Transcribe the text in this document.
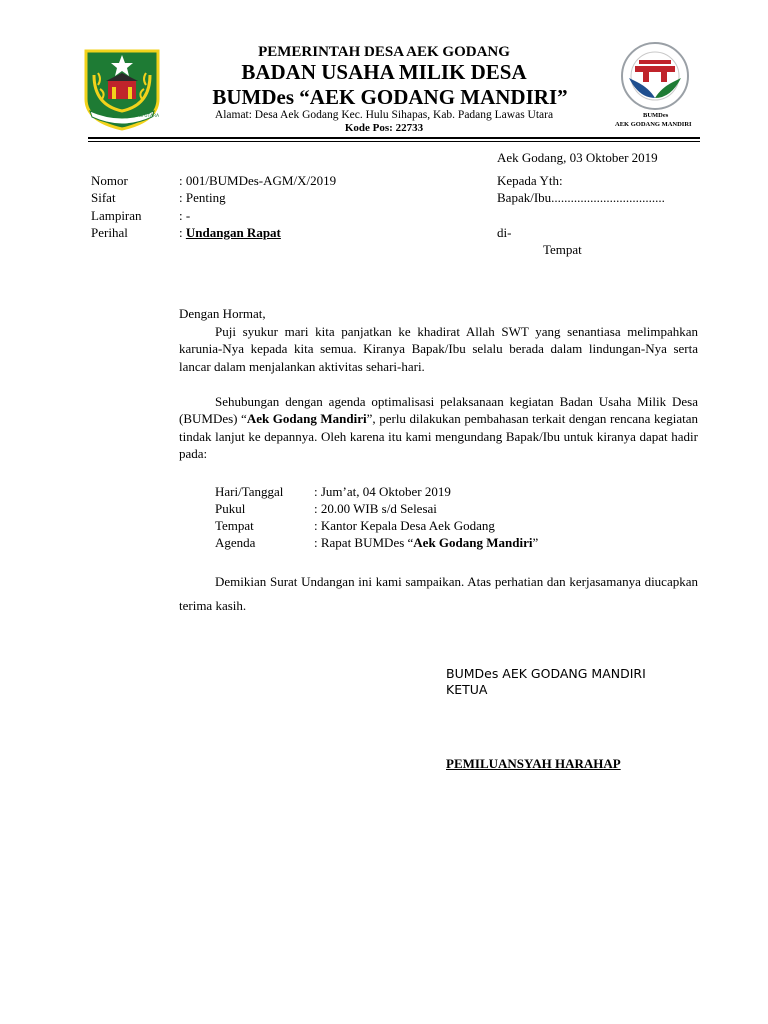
PADANG LAWAS UTARA	BUMDes
AEK GODANG MANDIRI
PEMERINTAH DESA AEK GODANG
BADAN USAHA MILIK DESA
BUMDes “AEK GODANG MANDIRI”
Alamat: Desa Aek Godang Kec. Hulu Sihapas, Kab. Padang Lawas Utara
Kode Pos: 22733
Aek Godang, 03 Oktober 2019
Nomor	: 001/BUMDes-AGM/X/2019
Sifat	: Penting
Lampiran	: -
Perihal	: Undangan Rapat
Kepada Yth:
Bapak/Ibu...................................
di-
Tempat
Dengan Hormat,
Puji syukur mari kita panjatkan ke khadirat Allah SWT yang senantiasa melimpahkan karunia-Nya kepada kita semua. Kiranya Bapak/Ibu selalu berada dalam lindungan-Nya serta lancar dalam menjalankan aktivitas sehari-hari.
Sehubungan dengan agenda optimalisasi pelaksanaan kegiatan Badan Usaha Milik Desa (BUMDes) “Aek Godang Mandiri”, perlu dilakukan pembahasan terkait dengan rencana kegiatan tindak lanjut ke depannya. Oleh karena itu kami mengundang Bapak/Ibu untuk kiranya dapat hadir pada:
Hari/Tanggal : Jum’at, 04 Oktober 2019
Pukul	: 20.00 WIB s/d Selesai
Tempat	: Kantor Kepala Desa Aek Godang
Agenda	: Rapat BUMDes “Aek Godang Mandiri”
Demikian Surat Undangan ini kami sampaikan. Atas perhatian dan kerjasamanya diucapkan terima kasih.
BUMDes AEK GODANG MANDIRI
KETUA
PEMILUANSYAH HARAHAP
